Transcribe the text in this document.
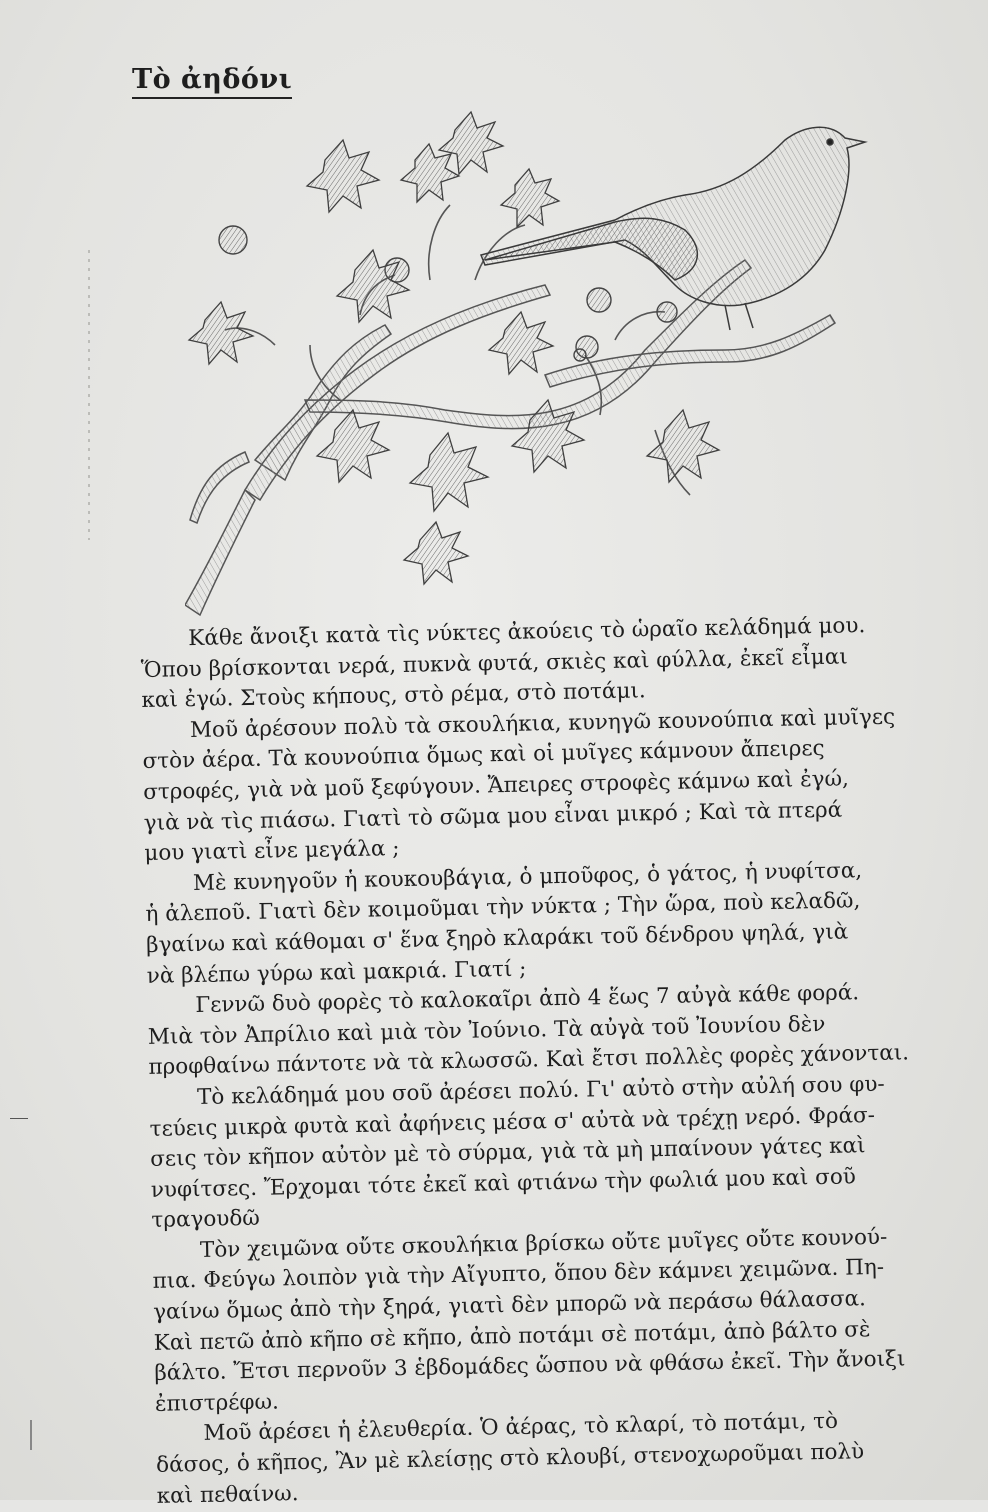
Τὸ ἀηδόνι

Κάθε ἄνοιξι κατὰ τὶς νύκτες ἀκούεις τὸ ὡραῖο κελάδημά μου.
Ὅπου βρίσκονται νερά, πυκνὰ φυτά, σκιὲς καὶ φύλλα, ἐκεῖ εἶμαι
καὶ ἐγώ. Στοὺς κήπους, στὸ ρέμα, στὸ ποτάμι.

Μοῦ ἀρέσουν πολὺ τὰ σκουλήκια, κυνηγῶ κουνούπια καὶ μυῖγες
στὸν ἀέρα. Τὰ κουνούπια ὅμως καὶ οἱ μυῖγες κάμνουν ἄπειρες
στροφές, γιὰ νὰ μοῦ ξεφύγουν. Ἄπειρες στροφὲς κάμνω καὶ ἐγώ,
γιὰ νὰ τὶς πιάσω. Γιατὶ τὸ σῶμα μου εἶναι μικρό ; Καὶ τὰ πτερά
μου γιατὶ εἶνε μεγάλα ;

Μὲ κυνηγοῦν ἡ κουκουβάγια, ὁ μποῦφος, ὁ γάτος, ἡ νυφίτσα,
ἡ ἀλεποῦ. Γιατὶ δὲν κοιμοῦμαι τὴν νύκτα ; Τὴν ὥρα, ποὺ κελαδῶ,
βγαίνω καὶ κάθομαι σ' ἕνα ξηρὸ κλαράκι τοῦ δένδρου ψηλά, γιὰ
νὰ βλέπω γύρω καὶ μακριά. Γιατί ;

Γεννῶ δυὸ φορὲς τὸ καλοκαῖρι ἀπὸ 4 ἕως 7 αὐγὰ κάθε φορά.
Μιὰ τὸν Ἀπρίλιο καὶ μιὰ τὸν Ἰούνιο. Τὰ αὐγὰ τοῦ Ἰουνίου δὲν
προφθαίνω πάντοτε νὰ τὰ κλωσσῶ. Καὶ ἔτσι πολλὲς φορὲς χάνονται.

Τὸ κελάδημά μου σοῦ ἀρέσει πολύ. Γι' αὐτὸ στὴν αὐλή σου φυ-
τεύεις μικρὰ φυτὰ καὶ ἀφήνεις μέσα σ' αὐτὰ νὰ τρέχῃ νερό. Φράσ-
σεις τὸν κῆπον αὐτὸν μὲ τὸ σύρμα, γιὰ τὰ μὴ μπαίνουν γάτες καὶ
νυφίτσες. Ἔρχομαι τότε ἐκεῖ καὶ φτιάνω τὴν φωλιά μου καὶ σοῦ
τραγουδῶ

Τὸν χειμῶνα οὔτε σκουλήκια βρίσκω οὔτε μυῖγες οὔτε κουνού-
πια. Φεύγω λοιπὸν γιὰ τὴν Αἴγυπτο, ὅπου δὲν κάμνει χειμῶνα. Πη-
γαίνω ὅμως ἀπὸ τὴν ξηρά, γιατὶ δὲν μπορῶ νὰ περάσω θάλασσα.
Καὶ πετῶ ἀπὸ κῆπο σὲ κῆπο, ἀπὸ ποτάμι σὲ ποτάμι, ἀπὸ βάλτο σὲ
βάλτο. Ἔτσι περνοῦν 3 ἑβδομάδες ὥσπου νὰ φθάσω ἐκεῖ. Τὴν ἄνοιξι
ἐπιστρέφω.

Μοῦ ἀρέσει ἡ ἐλευθερία. Ὁ ἀέρας, τὸ κλαρί, τὸ ποτάμι, τὸ
δάσος, ὁ κῆπος, Ἂν μὲ κλείσῃς στὸ κλουβί, στενοχωροῦμαι πολὺ
καὶ πεθαίνω.
